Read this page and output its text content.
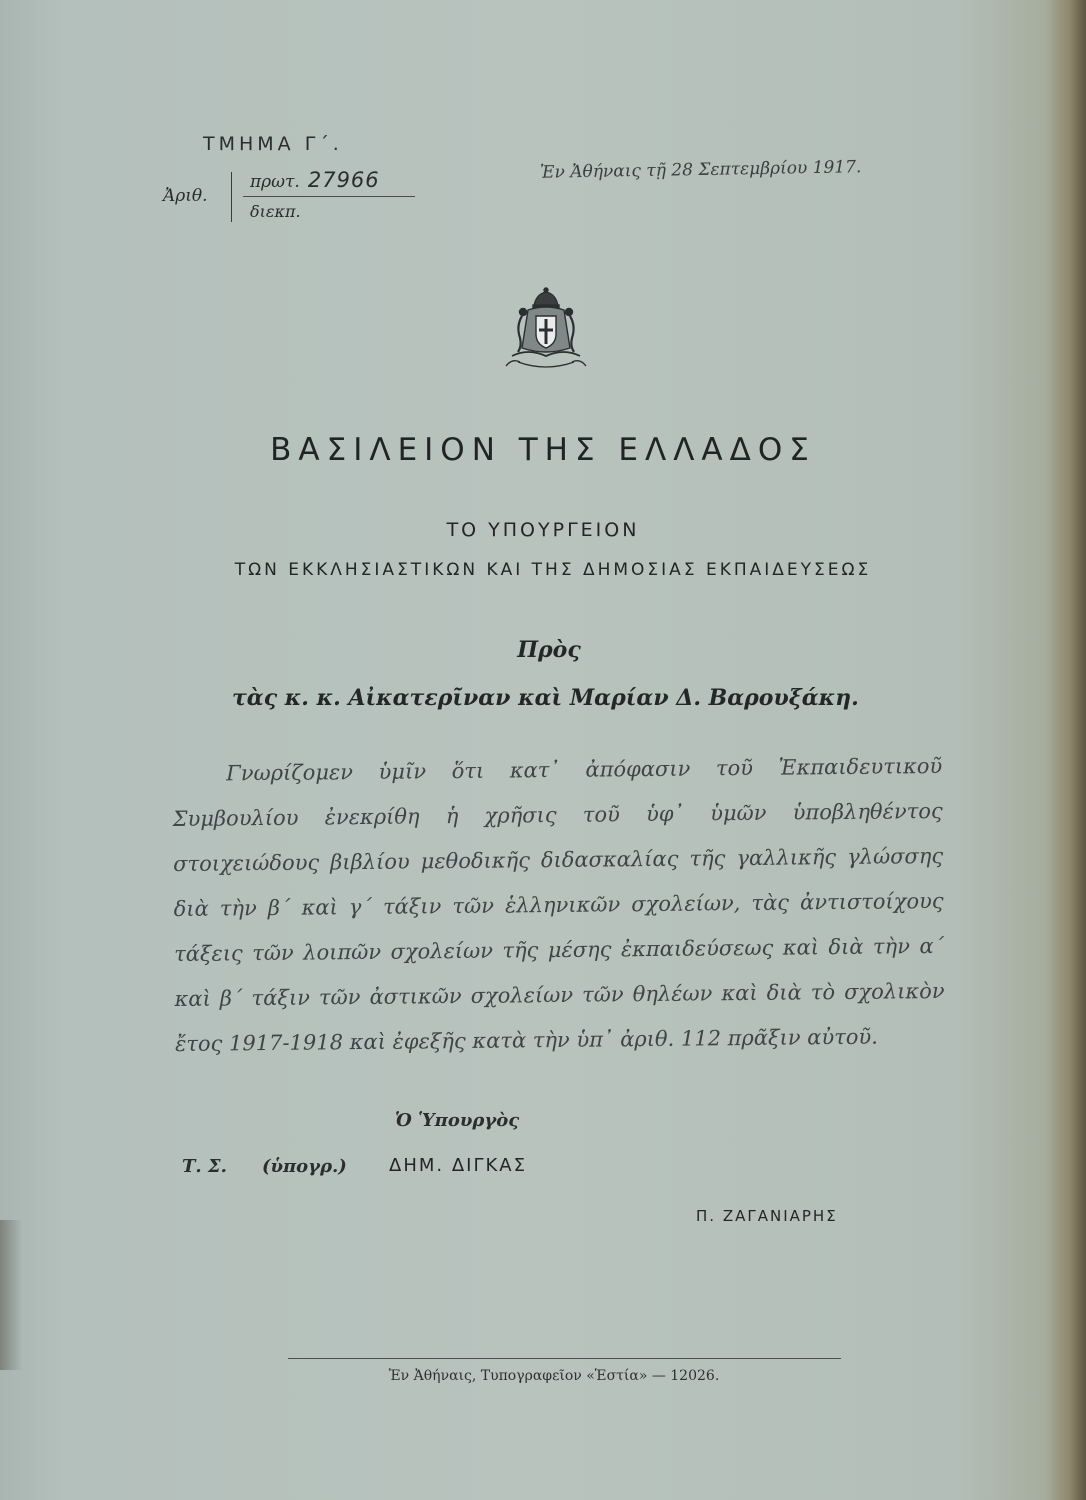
ΤΜΗΜΑ Γ΄.
Ἀριθ.
πρωτ. 27966
διεκπ.
Ἐν Ἀθήναις τῇ 28 Σεπτεμβρίου 1917.
ΒΑΣΙΛΕΙΟΝ ΤΗΣ ΕΛΛΑΔΟΣ
ΤΟ ΥΠΟΥΡΓΕΙΟΝ
ΤΩΝ ΕΚΚΛΗΣΙΑΣΤΙΚΩΝ ΚΑΙ ΤΗΣ ΔΗΜΟΣΙΑΣ ΕΚΠΑΙΔΕΥΣΕΩΣ
Πρὸς
τὰς κ. κ. Αἰκατερῖναν καὶ Μαρίαν Δ. Βαρουξάκη.
Γνωρίζομεν ὑμῖν ὅτι κατ᾽ ἀπόφασιν τοῦ Ἐκπαιδευτικοῦ Συμβουλίου ἐνεκρίθη ἡ χρῆσις τοῦ ὑφ᾽ ὑμῶν ὑποβληθέντος στοιχειώδους βιβλίου μεθοδικῆς διδασκαλίας τῆς γαλλικῆς γλώσσης διὰ τὴν β΄ καὶ γ΄ τάξιν τῶν ἑλληνικῶν σχολείων, τὰς ἀντιστοίχους τάξεις τῶν λοιπῶν σχολείων τῆς μέσης ἐκπαιδεύσεως καὶ διὰ τὴν α΄ καὶ β΄ τάξιν τῶν ἀστικῶν σχολείων τῶν θηλέων καὶ διὰ τὸ σχολικὸν ἔτος 1917-1918 καὶ ἐφεξῆς κατὰ τὴν ὑπ᾽ ἀριθ. 112 πρᾶξιν αὐτοῦ.
Ὁ Ὑπουργὸς
Τ. Σ. (ὑπογρ.) ΔΗΜ. ΔΙΓΚΑΣ
Π. ΖΑΓΑΝΙΑΡΗΣ
Ἐν Ἀθήναις, Τυπογραφεῖον «Ἑστία» — 12026.
